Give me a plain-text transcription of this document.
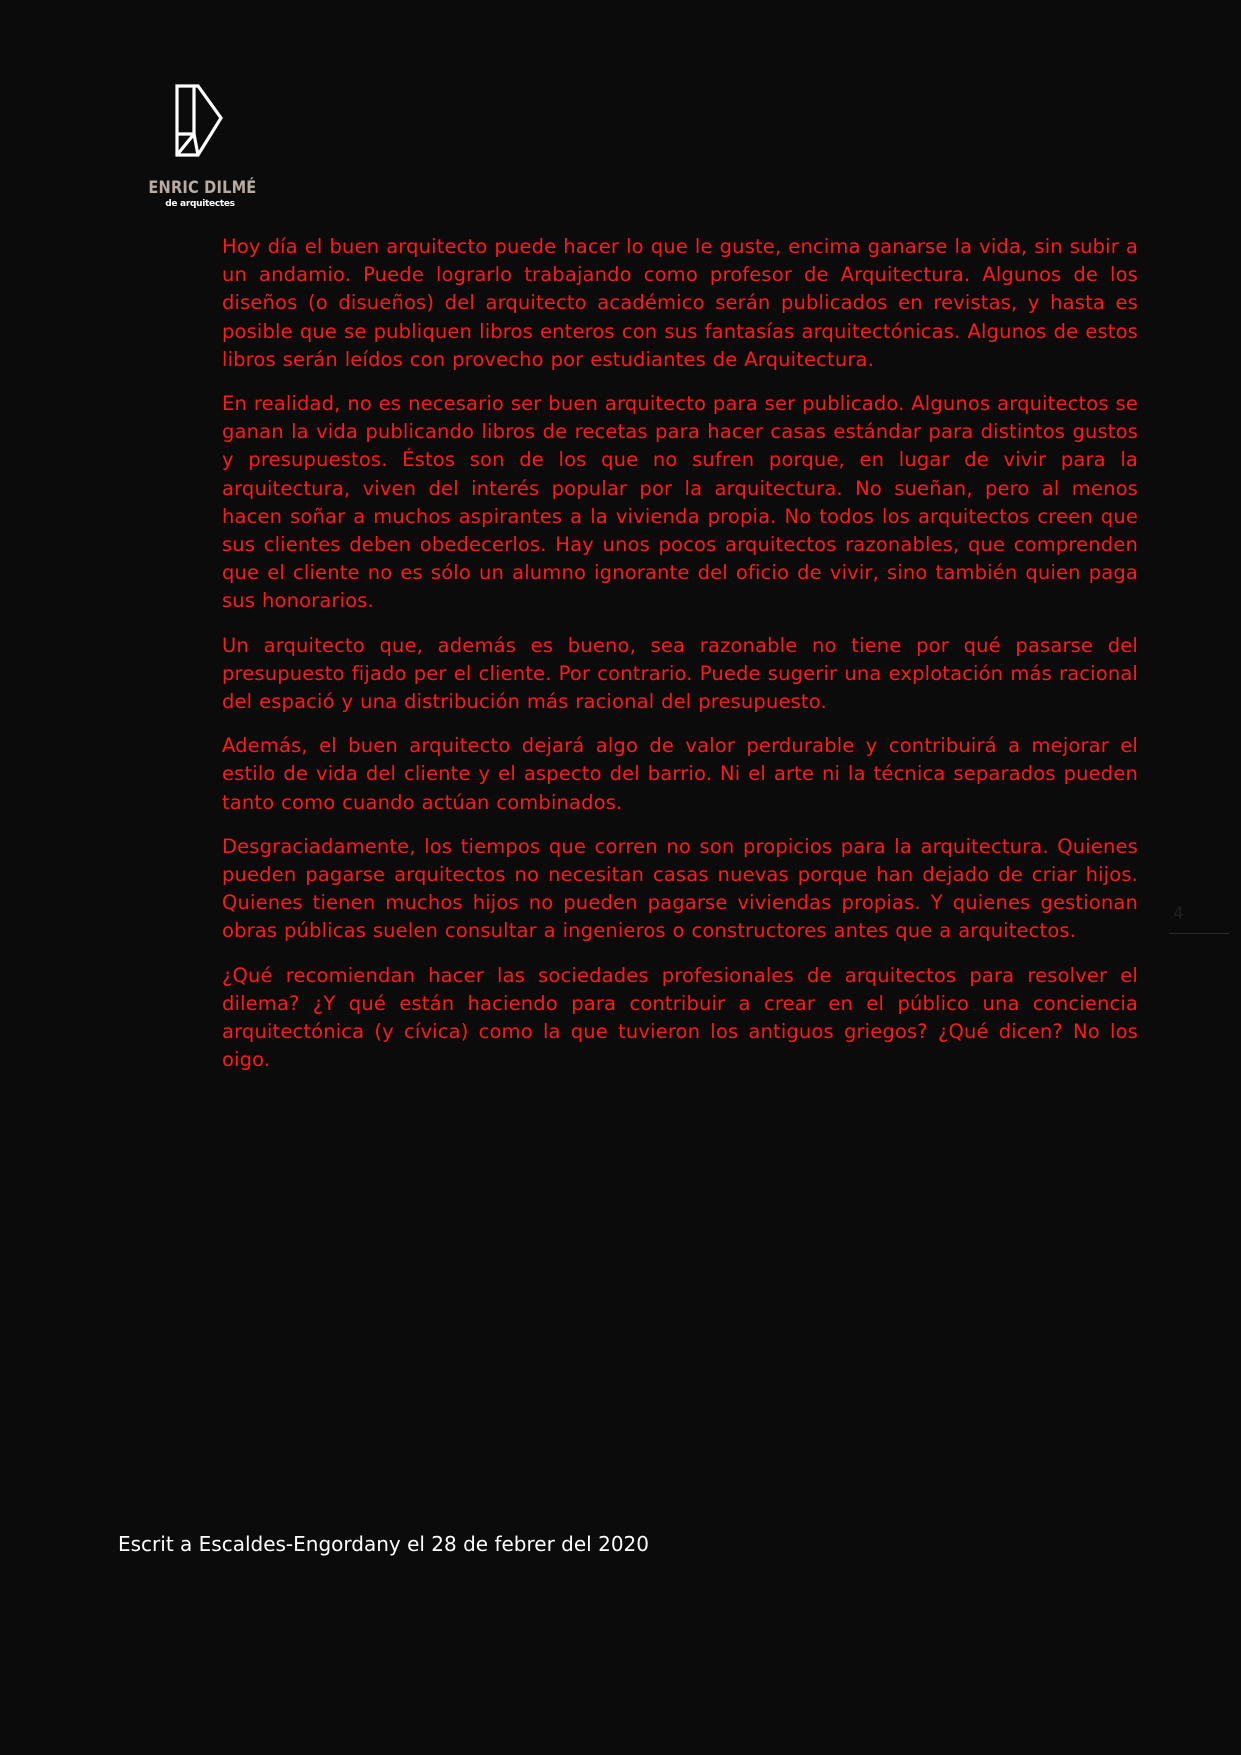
ENRIC DILMÉ
de arquitectes

Hoy día el buen arquitecto puede hacer lo que le guste, encima ganarse la vida, sin subir a un andamio. Puede lograrlo trabajando como profesor de Arquitectura. Algunos de los diseños (o disueños) del arquitecto académico serán publicados en revistas, y hasta es posible que se publiquen libros enteros con sus fantasías arquitectónicas. Algunos de estos libros serán leídos con provecho por estudiantes de Arquitectura.

En realidad, no es necesario ser buen arquitecto para ser publicado. Algunos arquitectos se ganan la vida publicando libros de recetas para hacer casas estándar para distintos gustos y presupuestos. Éstos son de los que no sufren porque, en lugar de vivir para la arquitectura, viven del interés popular por la arquitectura. No sueñan, pero al menos hacen soñar a muchos aspirantes a la vivienda propia. No todos los arquitectos creen que sus clientes deben obedecerlos. Hay unos pocos arquitectos razonables, que comprenden que el cliente no es sólo un alumno ignorante del oficio de vivir, sino también quien paga sus honorarios.

Un arquitecto que, además es bueno, sea razonable no tiene por qué pasarse del presupuesto fijado per el cliente. Por contrario. Puede sugerir una explotación más racional del espació y una distribución más racional del presupuesto.

Además, el buen arquitecto dejará algo de valor perdurable y contribuirá a mejorar el estilo de vida del cliente y el aspecto del barrio. Ni el arte ni la técnica separados pueden tanto como cuando actúan combinados.

Desgraciadamente, los tiempos que corren no son propicios para la arquitectura. Quienes pueden pagarse arquitectos no necesitan casas nuevas porque han dejado de criar hijos. Quienes tienen muchos hijos no pueden pagarse viviendas propias. Y quienes gestionan obras públicas suelen consultar a ingenieros o constructores antes que a arquitectos.

¿Qué recomiendan hacer las sociedades profesionales de arquitectos para resolver el dilema? ¿Y qué están haciendo para contribuir a crear en el público una conciencia arquitectónica (y cívica) como la que tuvieron los antiguos griegos? ¿Qué dicen? No los oigo.

4
Escrit a Escaldes-Engordany el 28 de febrer del 2020
